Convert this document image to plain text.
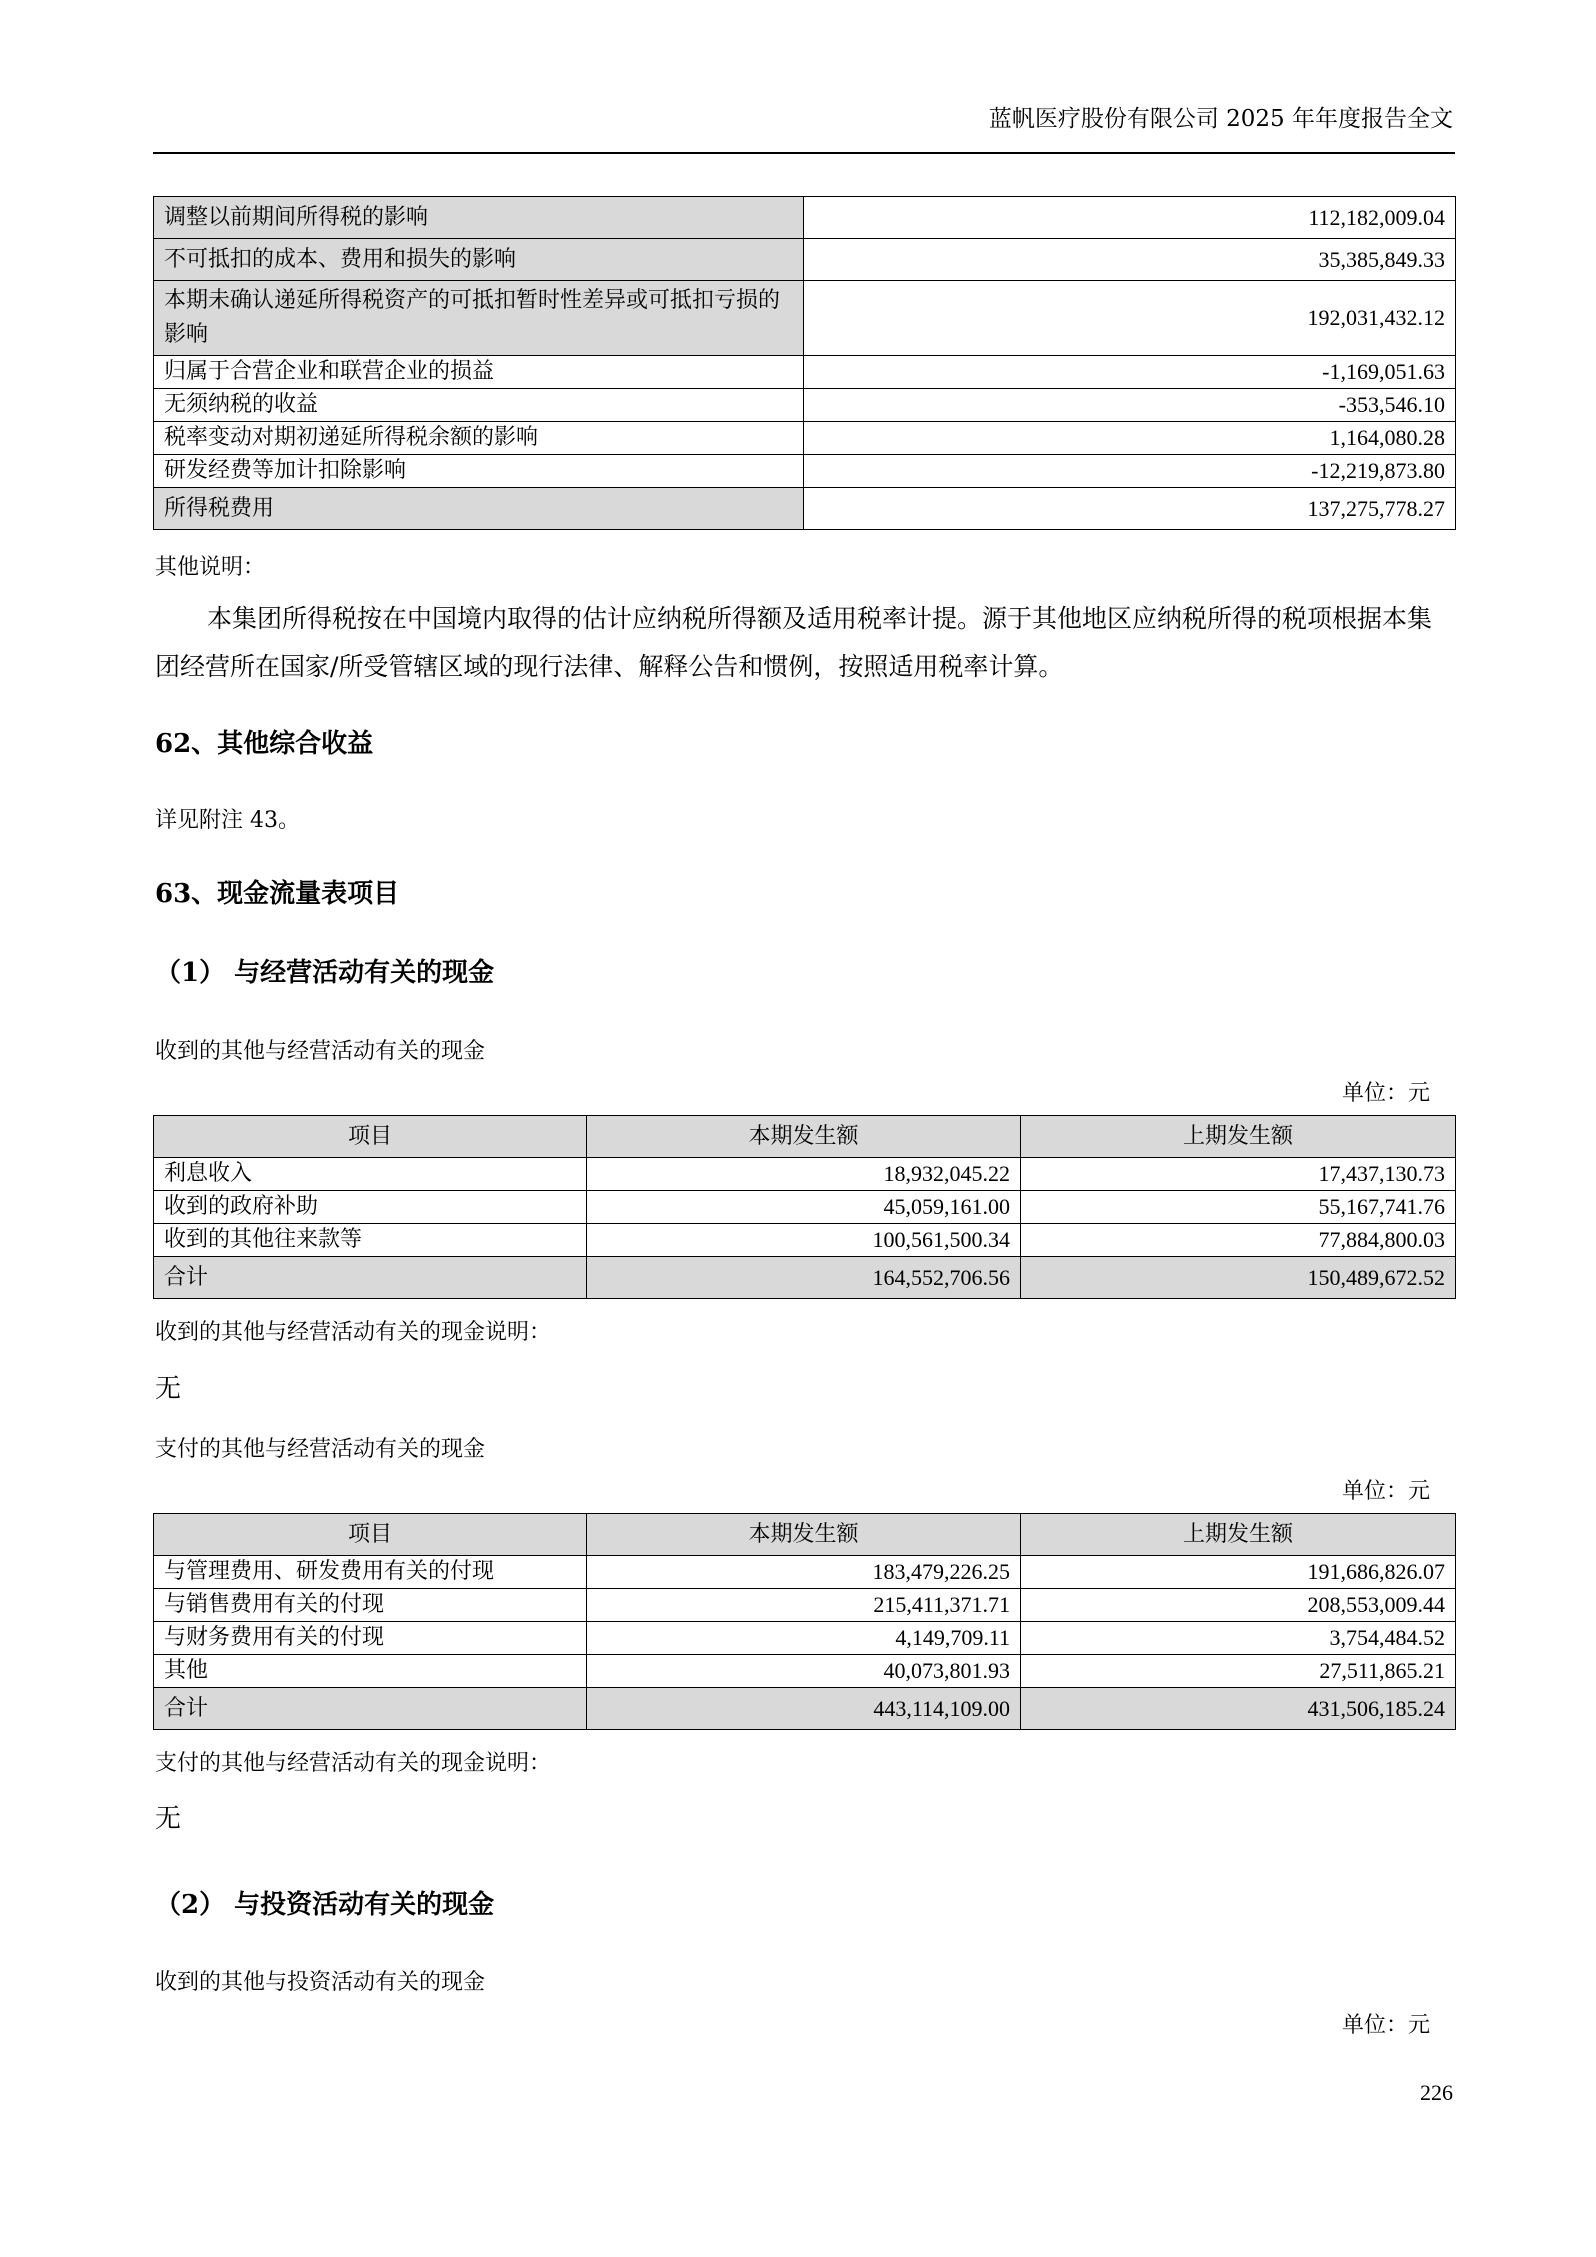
蓝帆医疗股份有限公司 2025 年年度报告全文
调整以前期间所得税的影响	112,182,009.04
不可抵扣的成本、费用和损失的影响	35,385,849.33
本期未确认递延所得税资产的可抵扣暂时性差异或可抵扣亏损的影响	192,031,432.12
归属于合营企业和联营企业的损益	-1,169,051.63
无须纳税的收益	-353,546.10
税率变动对期初递延所得税余额的影响	1,164,080.28
研发经费等加计扣除影响	-12,219,873.80
所得税费用	137,275,778.27
其他说明：
本集团所得税按在中国境内取得的估计应纳税所得额及适用税率计提。源于其他地区应纳税所得的税项根据本集团经营所在国家/所受管辖区域的现行法律、解释公告和惯例，按照适用税率计算。
62、其他综合收益
详见附注 43。
63、现金流量表项目
（1） 与经营活动有关的现金
收到的其他与经营活动有关的现金
单位：元
项目	本期发生额	上期发生额
利息收入	18,932,045.22	17,437,130.73
收到的政府补助	45,059,161.00	55,167,741.76
收到的其他往来款等	100,561,500.34	77,884,800.03
合计	164,552,706.56	150,489,672.52
收到的其他与经营活动有关的现金说明：
无
支付的其他与经营活动有关的现金
单位：元
项目	本期发生额	上期发生额
与管理费用、研发费用有关的付现	183,479,226.25	191,686,826.07
与销售费用有关的付现	215,411,371.71	208,553,009.44
与财务费用有关的付现	4,149,709.11	3,754,484.52
其他	40,073,801.93	27,511,865.21
合计	443,114,109.00	431,506,185.24
支付的其他与经营活动有关的现金说明：
无
（2） 与投资活动有关的现金
收到的其他与投资活动有关的现金
单位：元
226
